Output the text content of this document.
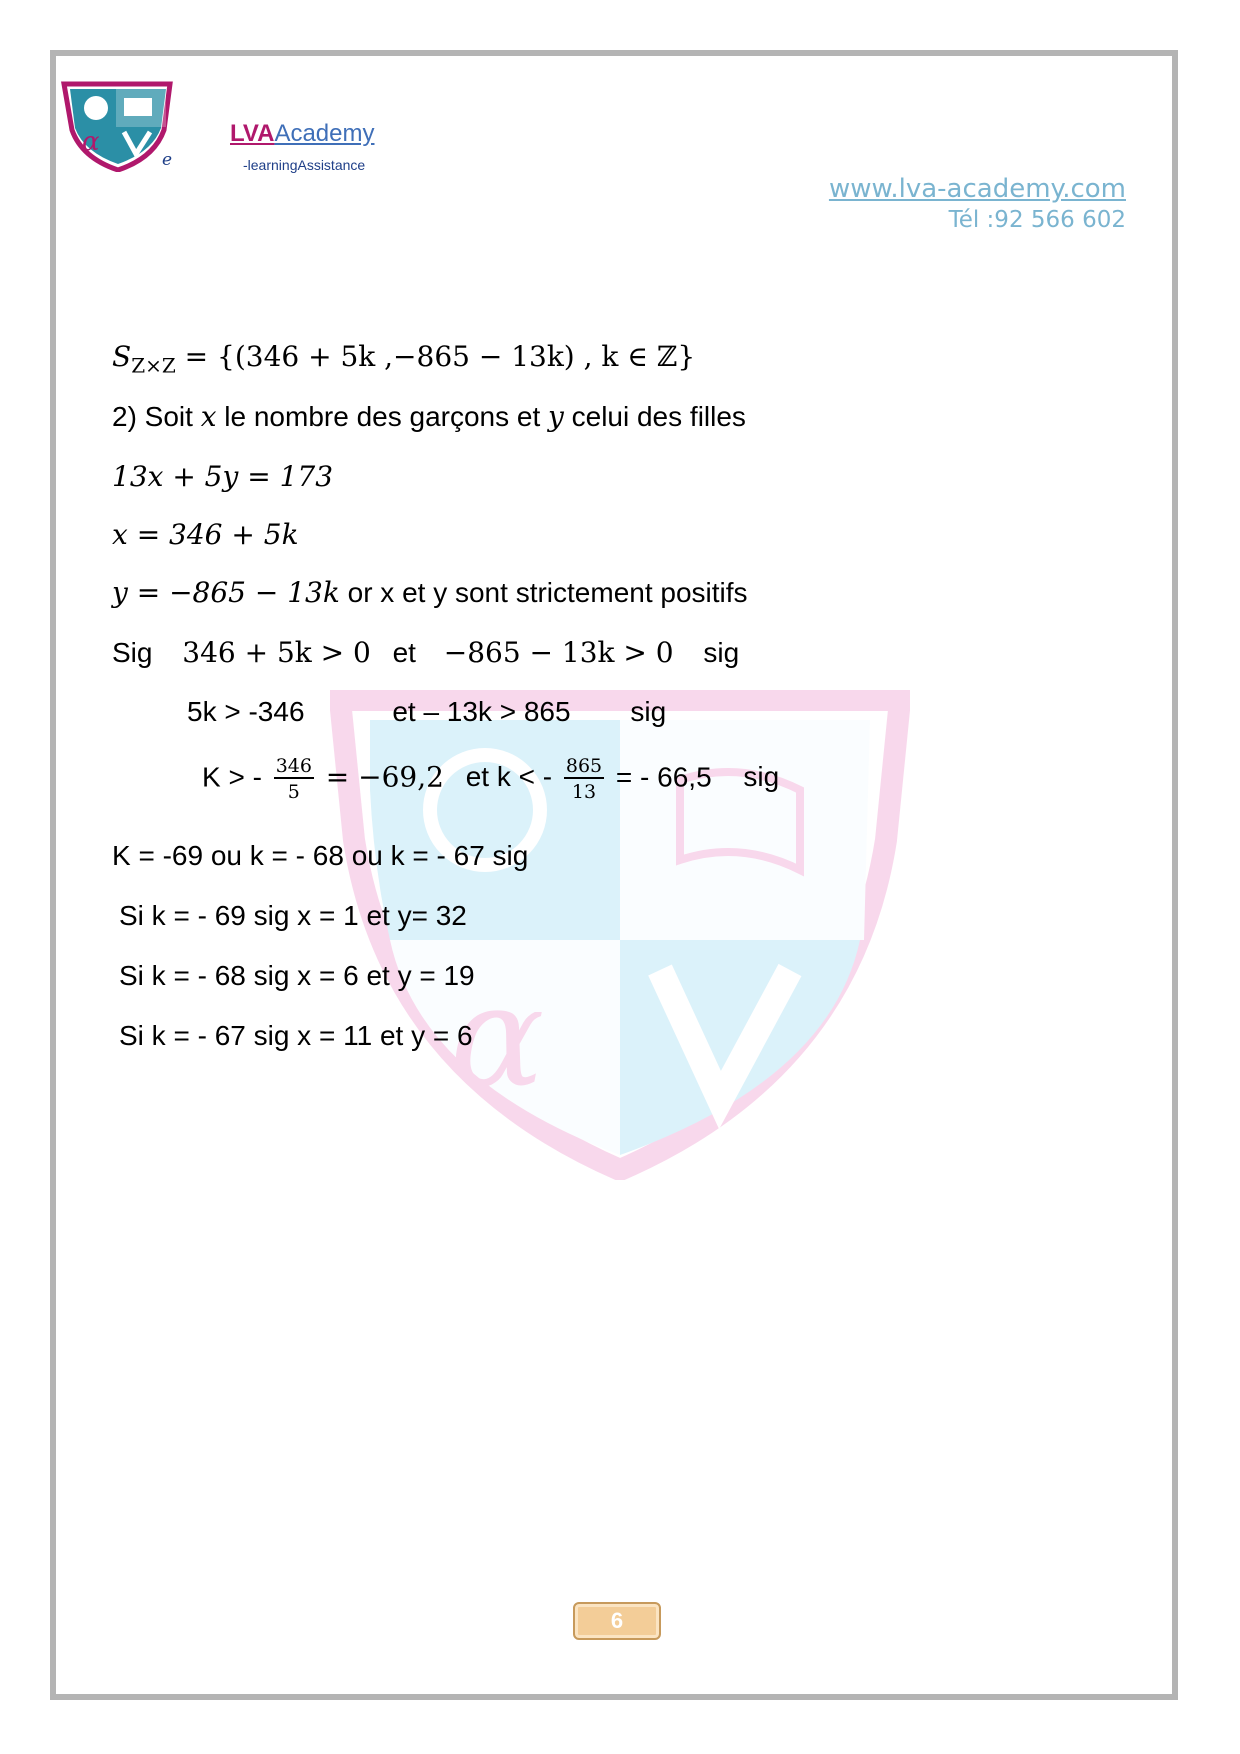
α
e
LVAAcademy
-learningAssistance
www.lva-academy.com
Tél :92 566 602
α
$S_{Z\times Z} = \{(346 + 5k$ ,−865 − 13k) , k ∈ ℤ}
2) Soit x le nombre des garçons et y celui des filles
13x + 5y = 173
x = 346 + 5k
y = −865 − 13k or x et y sont strictement positifs
Sig 346 + 5k > 0 et −865 − 13k > 0 sig
5k > -346	et – 13k > 865 sig
K > - $\frac{346}{5} = -69,2$ et k < - $\frac{865}{13}$ = - 66,5 sig
K = -69 ou k = - 68 ou k = - 67 sig
Si k = - 69 sig x = 1 et y= 32
Si k = - 68 sig x = 6 et y = 19
Si k = - 67 sig x = 11 et y = 6
6
